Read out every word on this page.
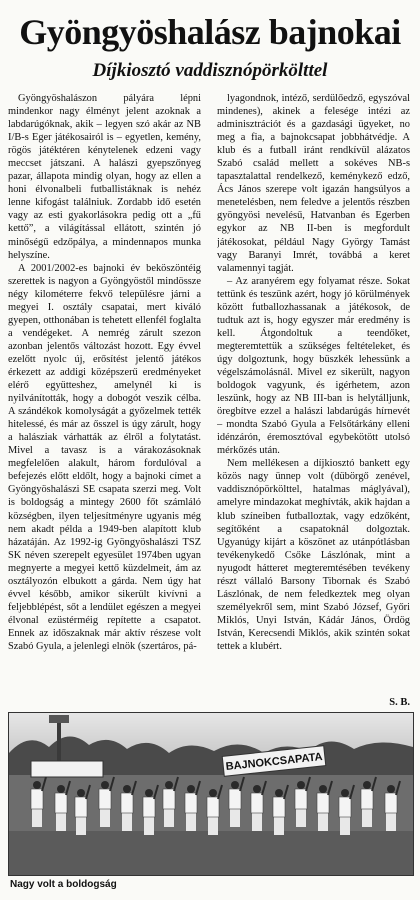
Gyöngyöshalász bajnokai
Díjkiosztó vaddisznópörkölttel

Gyöngyöshalászon pályára lépni mindenkor nagy élményt jelent azoknak a labdarúgóknak, akik – legyen szó akár az NB I/B-s Eger játékosairól is – egyetlen, kemény, rögös játéktéren kénytelenek edzeni vagy meccset játszani. A halászi gyepszőnyeg pazar, állapota mindig olyan, hogy az ellen a honi élvonalbeli futballistáknak is nehéz lenne kifogást találniuk. Zordabb idő esetén vagy az esti gyakorlásokra pedig ott a „fű kettő”, a világítással ellátott, szintén jó minőségű edzőpálya, a mindennapos munka helyszíne.

A 2001/2002-es bajnoki év beköszöntéig szerettek is nagyon a Gyöngyöstől mindössze négy kilométerre fekvő településre járni a megyei I. osztály csapatai, mert kiváló gyepen, otthonában is tehetett ellenfél foglalta a vendégeket. A nemrég zárult szezon azonban jelentős változást hozott. Egy évvel ezelőtt nyolc új, erősítést jelentő játékos érkezett az addigi középszerű eredményeket elérő együtteshez, amelynél ki is nyilvánították, hogy a dobogót veszik célba. A szándékok komolyságát a győzelmek tették hitelessé, és már az ősszel is úgy zárult, hogy a halásziak várhatták az élről a folytatást. Mivel a tavasz is a várakozásoknak megfelelően alakult, három fordulóval a befejezés előtt eldőlt, hogy a bajnoki címet a Gyöngyöshalászi SE csapata szerzi meg. Volt is boldogság a mintegy 2600 főt számláló községben, ilyen teljesítményre ugyanis még nem akadt példa a 1949-ben alapított klub házatáján. Az 1992-ig Gyöngyöshalászi TSZ SK néven szerepelt egyesület 1974ben ugyan megnyerte a megyei kettő küzdelmeit, ám az osztályozón elbukott a gárda. Nem úgy hat évvel később, amikor sikerült kivívni a feljebblépést, sőt a lendület egészen a megyei élvonal ezüstérméig repítette a csapatot. Ennek az időszaknak már aktív részese volt Szabó Gyula, a jelenlegi elnök (szertáros, pá-

lyagondnok, intéző, serdülőedző, egyszóval mindenes), akinek a felesége intézi az adminisztrációt és a gazdasági ügyeket, no meg a fia, a bajnokcsapat jobbhátvédje. A klub és a futball iránt rendkívül alázatos Szabó család mellett a sokéves NB-s tapasztalattal rendelkező, keménykező edző, Ács János szerepe volt igazán hangsúlyos a menetelésben, nem feledve a jelentős részben gyöngyösi nevelésű, Hatvanban és Egerben egykor az NB II-ben is megfordult játékosokat, például Nagy György Tamást vagy Baranyi Imrét, továbbá a keret valamennyi tagját.

– Az aranyérem egy folyamat része. Sokat tettünk és teszünk azért, hogy jó körülmények között futballozhassanak a játékosok, de tudtuk azt is, hogy egyszer már eredmény is kell. Átgondoltuk a teendőket, megteremtettük a szükséges feltételeket, és úgy dolgoztunk, hogy büszkék lehessünk a végelszámolásnál. Mivel ez sikerült, nagyon boldogok vagyunk, és igérhetem, azon leszünk, hogy az NB III-ban is helytálljunk, öregbítve ezzel a halászi labdarúgás hírnevét – mondta Szabó Gyula a Felsőtárkány elleni idénzárón, éremosztóval egybekötött utolsó mérkőzés után.

Nem mellékesen a díjkiosztó bankett egy közös nagy ünnep volt (dübörgő zenével, vaddisznópörkölttel, hatalmas máglyával), amelyre mindazokat meghívták, akik hajdan a klub színeiben futballoztak, vagy edzőként, segítőként a csapatoknál dolgoztak. Ugyanúgy kijárt a köszönet az utánpótlásban tevékenykedő Csőke Lászlónak, mint a nyugodt hátteret megteremtésében tevékeny részt vállaló Barsony Tibornak és Szabó Lászlónak, de nem feledkeztek meg olyan személyekről sem, mint Szabó József, Győri Miklós, Unyi István, Kádár János, Ördög István, Kerecsendi Miklós, akik szintén sokat tettek a klubért.

S. B.
BAJNOKCSAPATA
Nagy volt a boldogság
